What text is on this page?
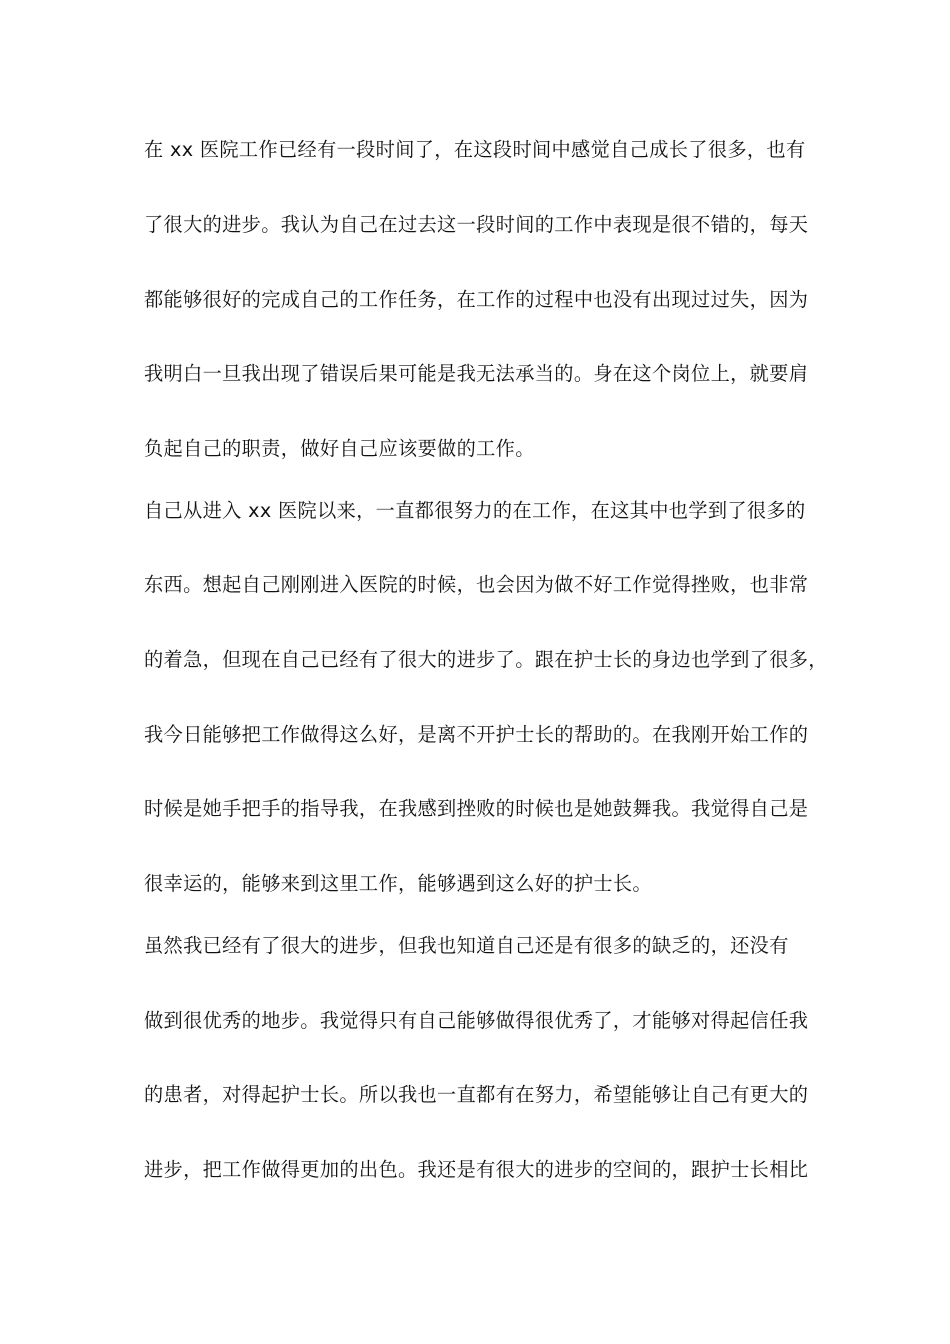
在 xx 医院工作已经有一段时间了，在这段时间中感觉自己成长了很多，也有
了很大的进步。我认为自己在过去这一段时间的工作中表现是很不错的，每天
都能够很好的完成自己的工作任务，在工作的过程中也没有出现过过失，因为
我明白一旦我出现了错误后果可能是我无法承当的。身在这个岗位上，就要肩
负起自己的职责，做好自己应该要做的工作。
自己从进入 xx 医院以来，一直都很努力的在工作，在这其中也学到了很多的
东西。想起自己刚刚进入医院的时候，也会因为做不好工作觉得挫败，也非常
的着急，但现在自己已经有了很大的进步了。跟在护士长的身边也学到了很多，
我今日能够把工作做得这么好，是离不开护士长的帮助的。在我刚开始工作的
时候是她手把手的指导我，在我感到挫败的时候也是她鼓舞我。我觉得自己是
很幸运的，能够来到这里工作，能够遇到这么好的护士长。
虽然我已经有了很大的进步，但我也知道自己还是有很多的缺乏的，还没有
做到很优秀的地步。我觉得只有自己能够做得很优秀了，才能够对得起信任我
的患者，对得起护士长。所以我也一直都有在努力，希望能够让自己有更大的
进步，把工作做得更加的出色。我还是有很大的进步的空间的，跟护士长相比
